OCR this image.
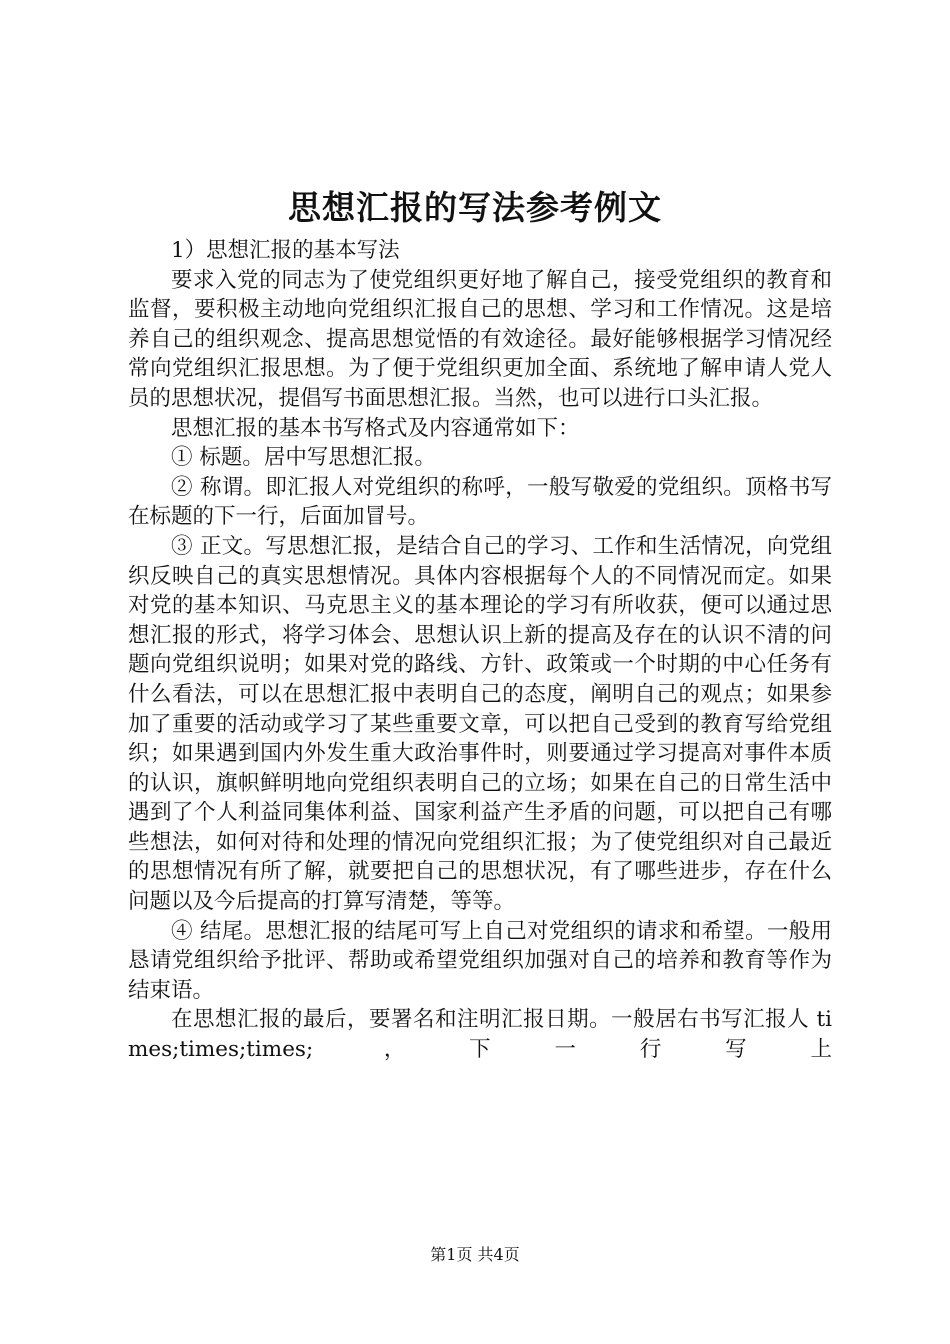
思想汇报的写法参考例文

1）思想汇报的基本写法

要求入党的同志为了使党组织更好地了解自己，接受党组织的教育和监督，要积极主动地向党组织汇报自己的思想、学习和工作情况。这是培养自己的组织观念、提高思想觉悟的有效途径。最好能够根据学习情况经常向党组织汇报思想。为了便于党组织更加全面、系统地了解申请人党人员的思想状况，提倡写书面思想汇报。当然，也可以进行口头汇报。

思想汇报的基本书写格式及内容通常如下：

① 标题。居中写思想汇报。

② 称谓。即汇报人对党组织的称呼，一般写敬爱的党组织。顶格书写在标题的下一行，后面加冒号。

③ 正文。写思想汇报，是结合自己的学习、工作和生活情况，向党组织反映自己的真实思想情况。具体内容根据每个人的不同情况而定。如果对党的基本知识、马克思主义的基本理论的学习有所收获，便可以通过思想汇报的形式，将学习体会、思想认识上新的提高及存在的认识不清的问题向党组织说明；如果对党的路线、方针、政策或一个时期的中心任务有什么看法，可以在思想汇报中表明自己的态度，阐明自己的观点；如果参加了重要的活动或学习了某些重要文章，可以把自己受到的教育写给党组织；如果遇到国内外发生重大政治事件时，则要通过学习提高对事件本质的认识，旗帜鲜明地向党组织表明自己的立场；如果在自己的日常生活中遇到了个人利益同集体利益、国家利益产生矛盾的问题，可以把自己有哪些想法，如何对待和处理的情况向党组织汇报；为了使党组织对自己最近的思想情况有所了解，就要把自己的思想状况，有了哪些进步，存在什么问题以及今后提高的打算写清楚，等等。

④ 结尾。思想汇报的结尾可写上自己对党组织的请求和希望。一般用恳请党组织给予批评、帮助或希望党组织加强对自己的培养和教育等作为结束语。

在思想汇报的最后，要署名和注明汇报日期。一般居右书写汇报人 times;times;times; ，下一行写上

第1页 共4页
